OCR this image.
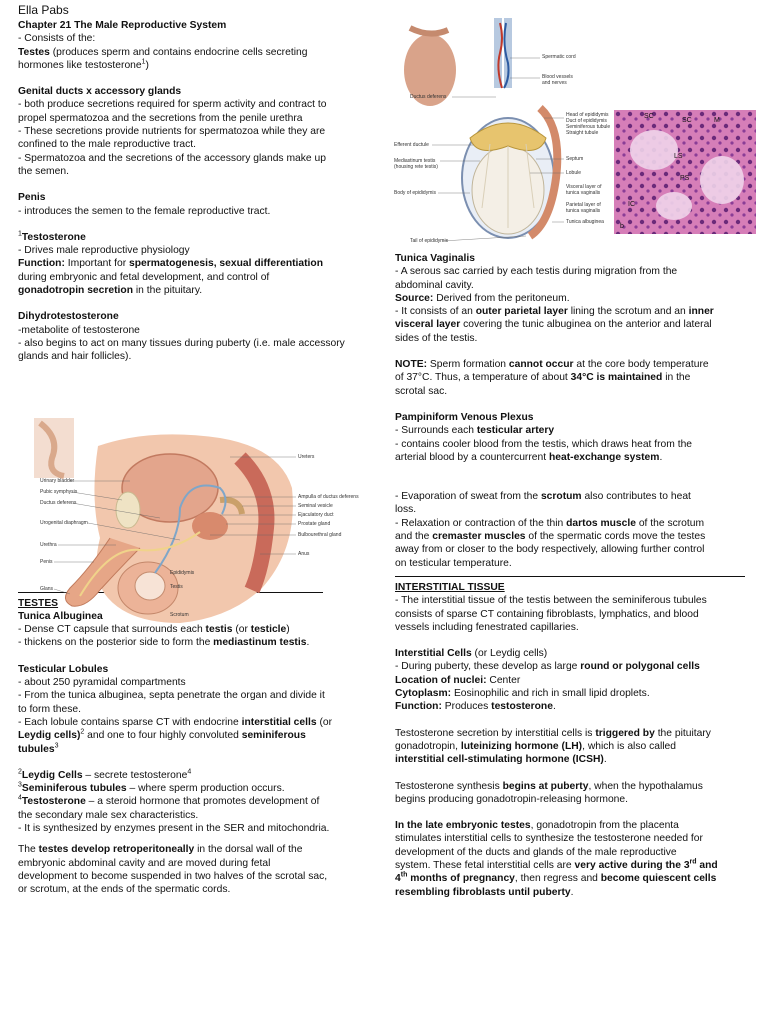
Ella Pabs

Chapter 21 The Male Reproductive System

- Consists of the:

Testes (produces sperm and contains endocrine cells secreting

hormones like testosterone$^1$)

Genital ducts x accessory glands

- both produce secretions required for sperm activity and contract to

propel spermatozoa and the secretions from the penile urethra

- These secretions provide nutrients for spermatozoa while they are

confined to the male reproductive tract.

- Spermatozoa and the secretions of the accessory glands make up

the semen.

Penis

- introduces the semen to the female reproductive tract.

$^1$Testosterone

- Drives male reproductive physiology

Function: Important for spermatogenesis, sexual differentiation

during embryonic and fetal development, and control of

gonadotropin secretion in the pituitary.

Dihydrotestosterone

-metabolite of testosterone

- also begins to act on many tissues during puberty (i.e. male accessory

glands and hair follicles).

TESTES

Tunica Albuginea

- Dense CT capsule that surrounds each testis (or testicle)

- thickens on the posterior side to form the mediastinum testis.

Testicular Lobules

- about 250 pyramidal compartments

- From the tunica albuginea, septa penetrate the organ and divide it

to form these.

- Each lobule contains sparse CT with endocrine interstitial cells (or

Leydig cells)$^2$ and one to four highly convoluted seminiferous

tubules$^3$

$^2$Leydig Cells – secrete testosterone$^4$

$^3$Seminiferous tubules – where sperm production occurs.

$^4$Testosterone – a steroid hormone that promotes development of

the secondary male sex characteristics.

- It is synthesized by enzymes present in the SER and mitochondria.

The testes develop retroperitoneally in the dorsal wall of the

embryonic abdominal cavity and are moved during fetal

development to become suspended in two halves of the scrotal sac,

or scrotum, at the ends of the spermatic cords.

Urinary bladder
Pubic symphysis
Ductus deferens
Urogenital diaphragm
Urethra
Penis
Glans
Ureters
Ampulla of ductus deferens
Seminal vesicle
Ejaculatory duct
Prostate gland
Bulbourethral gland
Anus
Epididymis
Testis
Scrotum
Spermatic cord
Blood vessels
and nerves
Ductus deferens
Head of epididymis
Duct of epididymis
Seminiferous tubule
Straight tubule
Efferent ductule
Mediastinum testis
(housing rete testis)
Septum
Lobule
Body of epididymis
Visceral layer of
tunica vaginalis
Parietal layer of
tunica vaginalis
Tunica albuginea
Tail of epididymis
SC
SC	M
LS
PS
IC
b

Tunica Vaginalis

- A serous sac carried by each testis during migration from the

abdominal cavity.

Source: Derived from the peritoneum.

- It consists of an outer parietal layer lining the scrotum and an inner

visceral layer covering the tunic albuginea on the anterior and lateral

sides of the testis.

NOTE: Sperm formation cannot occur at the core body temperature

of 37°C. Thus, a temperature of about 34°C is maintained in the

scrotal sac.

Pampiniform Venous Plexus

- Surrounds each testicular artery

- contains cooler blood from the testis, which draws heat from the

arterial blood by a countercurrent heat-exchange system.

- Evaporation of sweat from the scrotum also contributes to heat

loss.

- Relaxation or contraction of the thin dartos muscle of the scrotum

and the cremaster muscles of the spermatic cords move the testes

away from or closer to the body respectively, allowing further control

on testicular temperature.

INTERSTITIAL TISSUE

- The interstitial tissue of the testis between the seminiferous tubules

consists of sparse CT containing fibroblasts, lymphatics, and blood

vessels including fenestrated capillaries.

Interstitial Cells (or Leydig cells)

- During puberty, these develop as large round or polygonal cells

Location of nuclei: Center

Cytoplasm: Eosinophilic and rich in small lipid droplets.

Function: Produces testosterone.

Testosterone secretion by interstitial cells is triggered by the pituitary

gonadotropin, luteinizing hormone (LH), which is also called

interstitial cell-stimulating hormone (ICSH).

Testosterone synthesis begins at puberty, when the hypothalamus

begins producing gonadotropin-releasing hormone.

In the late embryonic testes, gonadotropin from the placenta

stimulates interstitial cells to synthesize the testosterone needed for

development of the ducts and glands of the male reproductive

system. These fetal interstitial cells are very active during the 3rd and

4th months of pregnancy, then regress and become quiescent cells

resembling fibroblasts until puberty.
